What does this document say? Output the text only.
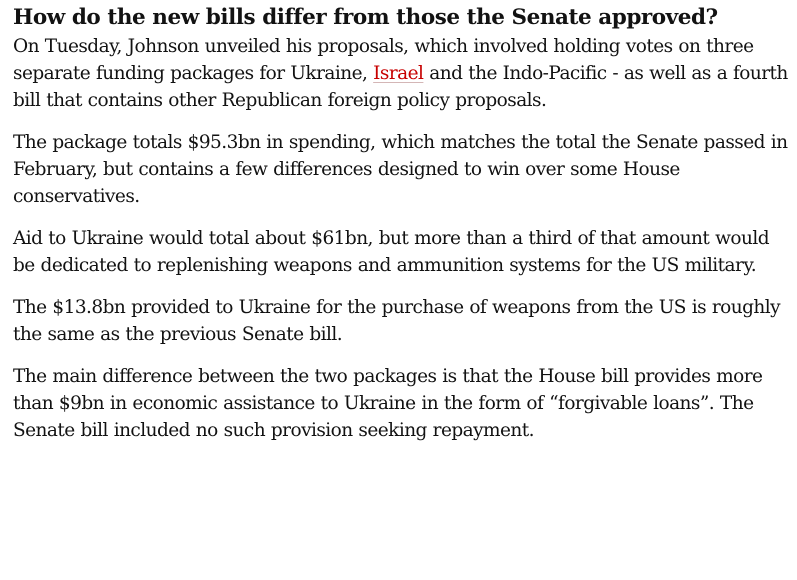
How do the new bills differ from those the Senate approved?

On Tuesday, Johnson unveiled his proposals, which involved holding votes on three separate funding packages for Ukraine, Israel and the Indo-Pacific - as well as a fourth bill that contains other Republican foreign policy proposals.

The package totals $95.3bn in spending, which matches the total the Senate passed in February, but contains a few differences designed to win over some House conservatives.

Aid to Ukraine would total about $61bn, but more than a third of that amount would be dedicated to replenishing weapons and ammunition systems for the US military.

The $13.8bn provided to Ukraine for the purchase of weapons from the US is roughly the same as the previous Senate bill.

The main difference between the two packages is that the House bill provides more than $9bn in economic assistance to Ukraine in the form of “forgivable loans”. The Senate bill included no such provision seeking repayment.
